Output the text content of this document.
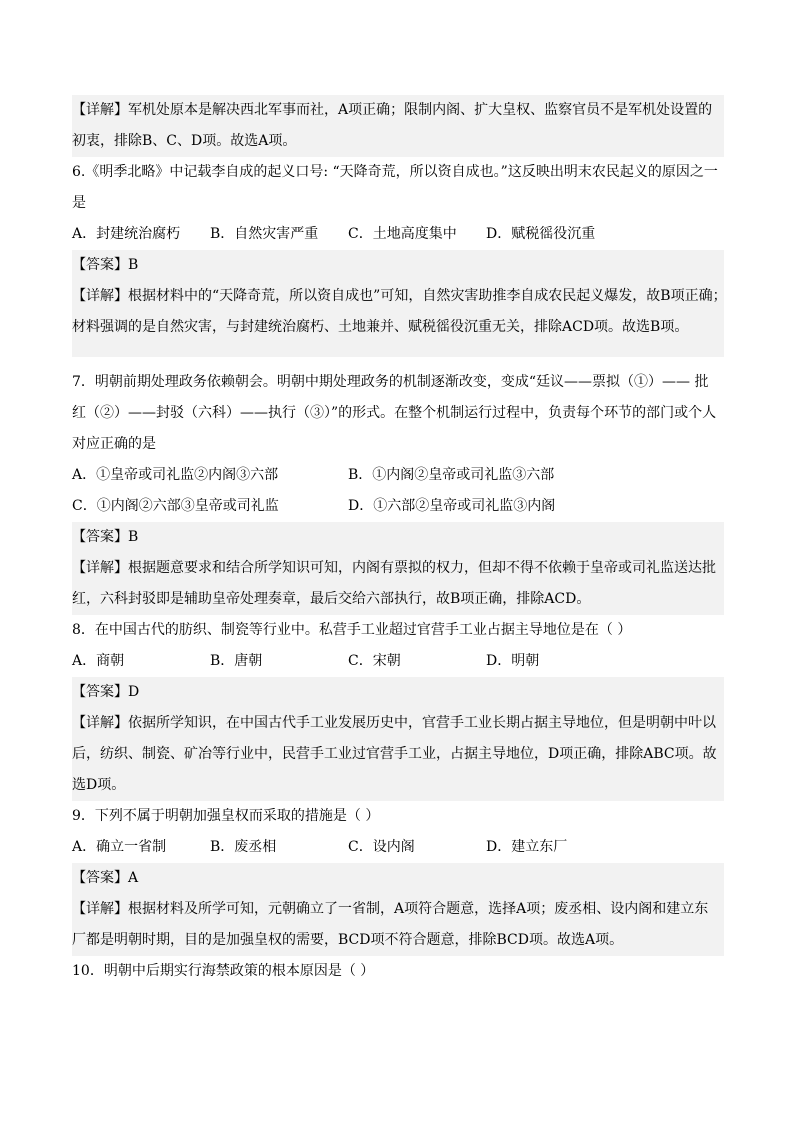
【详解】军机处原本是解决西北军事而社，A项正确；限制内阁、扩大皇权、监察官员不是军机处设置的
初衷，排除B、C、D项。故选A项。
6.《明季北略》中记载李自成的起义口号: “天降奇荒，所以资自成也。”这反映出明末农民起义的原因之一
是
A．封建统治腐朽	B．自然灾害严重	C．土地高度集中	D．赋税徭役沉重
【答案】B
【详解】根据材料中的“天降奇荒，所以资自成也”可知，自然灾害助推李自成农民起义爆发，故B项正确；
材料强调的是自然灾害，与封建统治腐朽、土地兼并、赋税徭役沉重无关，排除ACD项。故选B项。
7．明朝前期处理政务依赖朝会。明朝中期处理政务的机制逐渐改变，变成“廷议——票拟（①）—— 批
红（②）——封驳（六科）——执行（③）”的形式。在整个机制运行过程中，负责每个环节的部门或个人
对应正确的是
A．①皇帝或司礼监②内阁③六部	B．①内阁②皇帝或司礼监③六部
C．①内阁②六部③皇帝或司礼监	D．①六部②皇帝或司礼监③内阁
【答案】B
【详解】根据题意要求和结合所学知识可知，内阁有票拟的权力，但却不得不依赖于皇帝或司礼监送达批
红，六科封驳即是辅助皇帝处理奏章，最后交给六部执行，故B项正确，排除ACD。
8．在中国古代的肪织、制瓷等行业中。私营手工业超过官营手工业占据主导地位是在（ ）
A．商朝	B．唐朝	C．宋朝	D．明朝
【答案】D
【详解】依据所学知识，在中国古代手工业发展历史中，官营手工业长期占据主导地位，但是明朝中叶以
后，纺织、制瓷、矿冶等行业中，民营手工业过官营手工业，占据主导地位，D项正确，排除ABC项。故
选D项。
9．下列不属于明朝加强皇权而采取的措施是（ ）
A．确立一省制	B．废丞相	C．设内阁	D．建立东厂
【答案】A
【详解】根据材料及所学可知，元朝确立了一省制，A项符合题意，选择A项；废丞相、设内阁和建立东
厂都是明朝时期，目的是加强皇权的需要，BCD项不符合题意，排除BCD项。故选A项。
10．明朝中后期实行海禁政策的根本原因是（ ）
